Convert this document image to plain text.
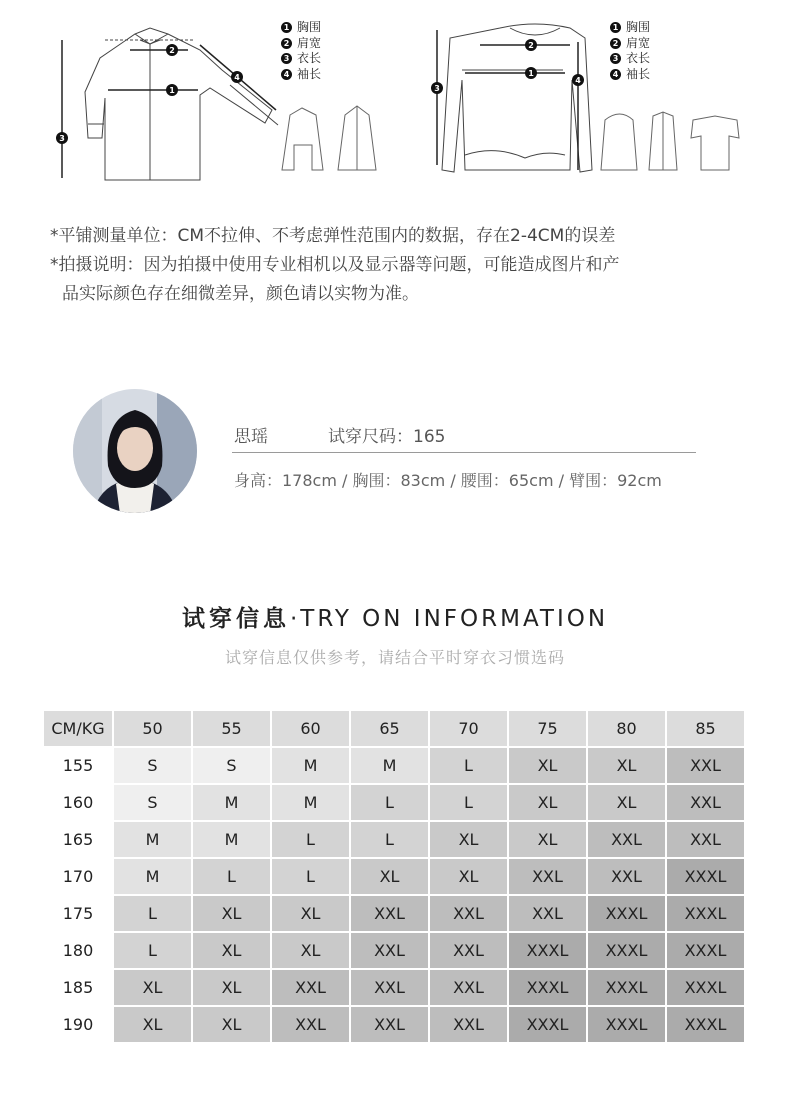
1
2
3
4
1 胸围
2 肩宽
3 衣长
4 袖长	1
2
3
4
1 胸围
2 肩宽
3 衣长
4 袖长
*平铺测量单位：CM不拉伸、不考虑弹性范围内的数据，存在2-4CM的误差
*拍摄说明：因为拍摄中使用专业相机以及显示器等问题，可能造成图片和产
品实际颜色存在细微差异，颜色请以实物为准。
思瑶	试穿尺码：165
身高：178cm / 胸围：83cm / 腰围：65cm / 臂围：92cm
试穿信息·TRY ON INFORMATION
试穿信息仅供参考，请结合平时穿衣习惯选码
CM/KG	50	55	60	65	70	75	80	85
155	S	S	M	M	L	XL	XL	XXL
160	S	M	M	L	L	XL	XL	XXL
165	M	M	L	L	XL	XL	XXL	XXL
170	M	L	L	XL	XL	XXL	XXL	XXXL
175	L	XL	XL	XXL	XXL	XXL	XXXL	XXXL
180	L	XL	XL	XXL	XXL	XXXL	XXXL	XXXL
185	XL	XL	XXL	XXL	XXL	XXXL	XXXL	XXXL
190	XL	XL	XXL	XXL	XXL	XXXL	XXXL	XXXL
